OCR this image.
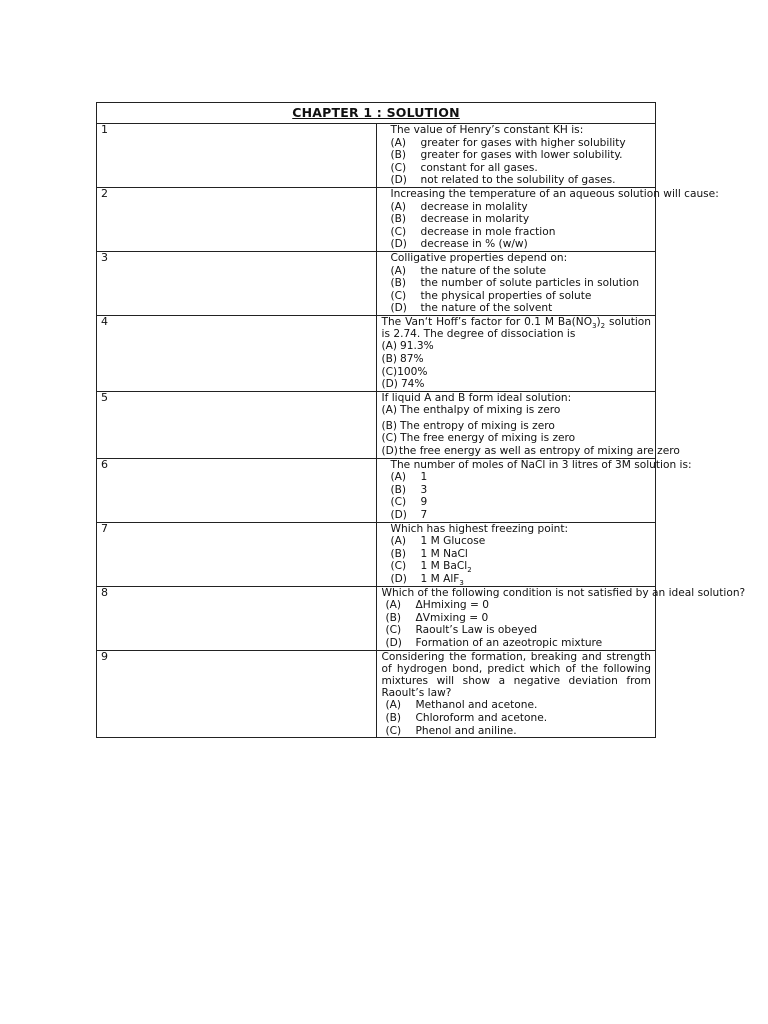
CHAPTER 1 : SOLUTION	

1	The value of Henry’s constant KH is:
(A) greater for gases with higher solubility
(B) greater for gases with lower solubility.
(C) constant for all gases.
(D) not related to the solubility of gases.

2	Increasing the temperature of an aqueous solution will cause:
(A) decrease in molality
(B) decrease in molarity
(C) decrease in mole fraction
(D) decrease in % (w/w)

3	Colligative properties depend on:
(A) the nature of the solute
(B) the number of solute particles in solution
(C) the physical properties of solute
(D) the nature of the solvent

4	The Van‘t Hoff’s factor for 0.1 M $Ba(NO_3)_2$ solution is 2.74. The degree of dissociation is
(A) 91.3%
(B) 87%
(C)100%
(D) 74%

5	If liquid A and B form ideal solution:
(A) The enthalpy of mixing is zero
(B) The entropy of mixing is zero
(C) The free energy of mixing is zero
(D)the free energy as well as entropy of mixing are zero

6	The number of moles of NaCl in 3 litres of 3M solution is:
(A) 1
(B) 3
(C) 9
(D) 7

7	Which has highest freezing point:
(A) 1 M Glucose
(B) 1 M NaCl
(C) 1 M BaCl$_2$
(D) 1 M AlF$_3$

8	Which of the following condition is not satisfied by an ideal solution?
(A) ΔHmixing = 0
(B) ΔVmixing = 0
(C) Raoult’s Law is obeyed
(D) Formation of an azeotropic mixture

9	Considering the formation, breaking and strength of hydrogen bond, predict which of the following mixtures will show a negative deviation from Raoult’s law?
(A) Methanol and acetone.
(B) Chloroform and acetone.
(C) Phenol and aniline.
